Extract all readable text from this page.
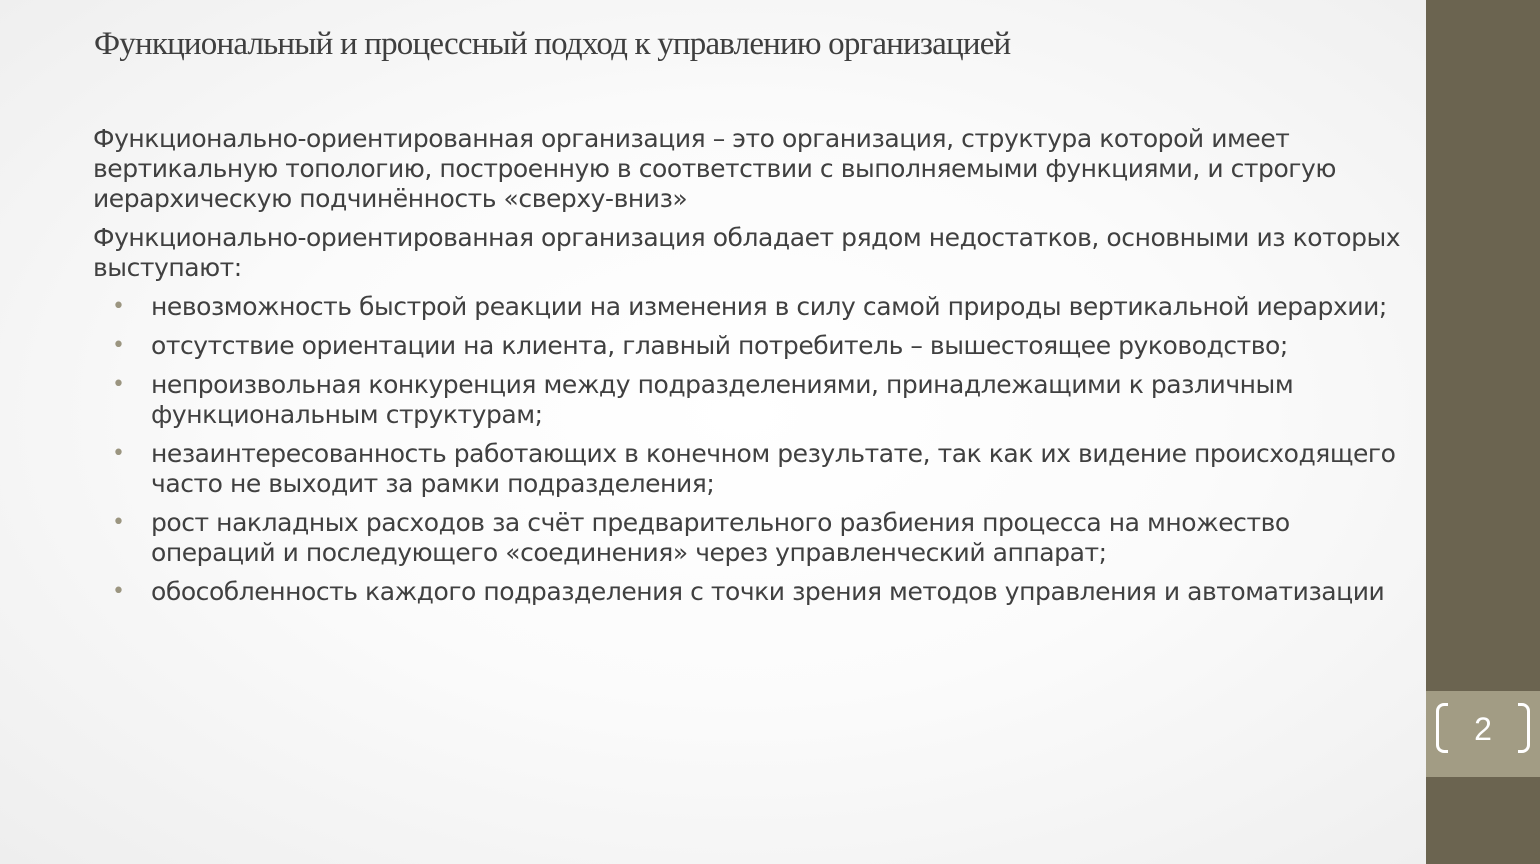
Функциональный и процессный подход к управлению организацией

Функционально-ориентированная организация – это организация, структура которой имеет вертикальную топологию, построенную в соответствии с выполняемыми функциями, и строгую иерархическую подчинённость «сверху-вниз»

Функционально-ориентированная организация обладает рядом недостатков, основными из которых выступают:

• невозможность быстрой реакции на изменения в силу самой природы вертикальной иерархии;
• отсутствие ориентации на клиента, главный потребитель – вышестоящее руководство;
• непроизвольная конкуренция между подразделениями, принадлежащими к различным функциональным структурам;
• незаинтересованность работающих в конечном результате, так как их видение происходящего часто не выходит за рамки подразделения;
• рост накладных расходов за счёт предварительного разбиения процесса на множество операций и последующего «соединения» через управленческий аппарат;
• обособленность каждого подразделения с точки зрения методов управления и автоматизации
2
